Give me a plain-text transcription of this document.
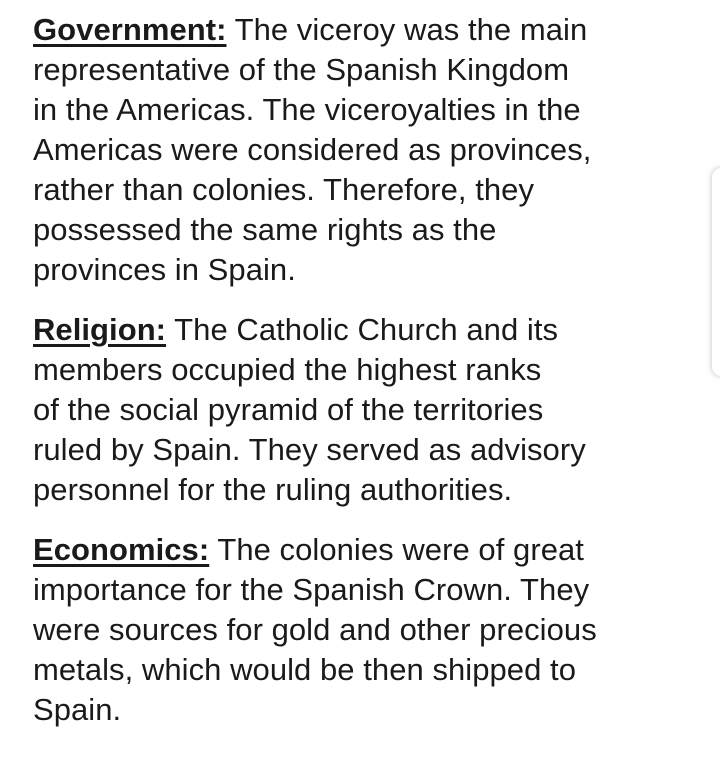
Government: The viceroy was the main
representative of the Spanish Kingdom
in the Americas. The viceroyalties in the
Americas were considered as provinces,
rather than colonies. Therefore, they
possessed the same rights as the
provinces in Spain.

Religion: The Catholic Church and its
members occupied the highest ranks
of the social pyramid of the territories
ruled by Spain. They served as advisory
personnel for the ruling authorities.

Economics: The colonies were of great
importance for the Spanish Crown. They
were sources for gold and other precious
metals, which would be then shipped to
Spain.
